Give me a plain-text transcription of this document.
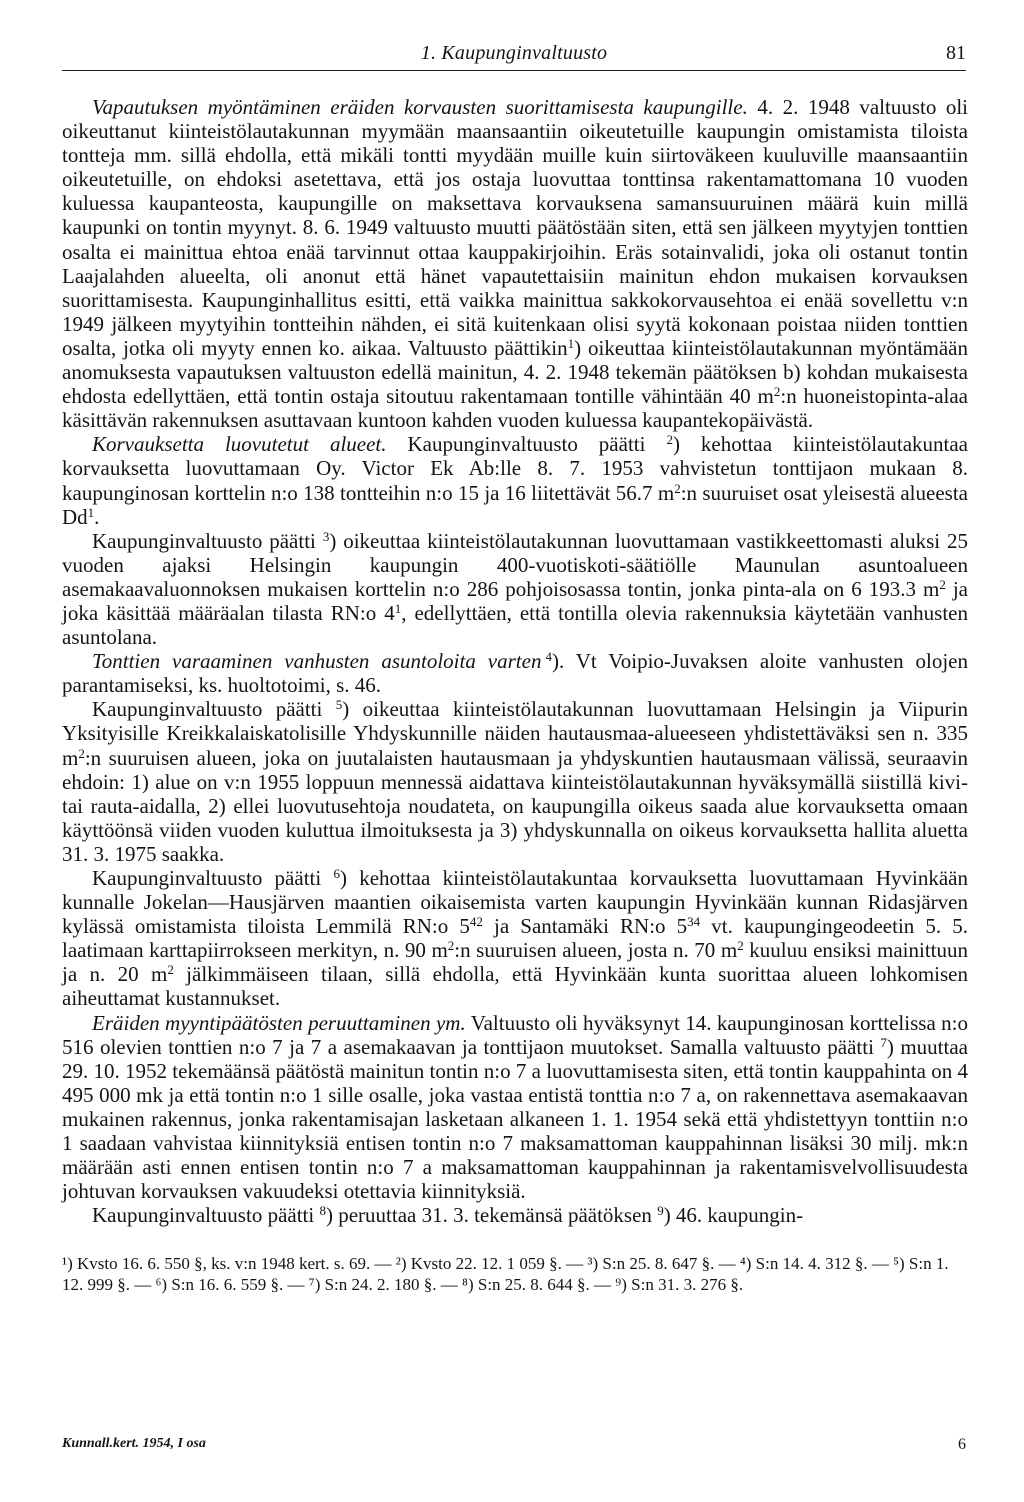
1. Kaupunginvaltuusto	81

Vapautuksen myöntäminen eräiden korvausten suorittamisesta kaupungille. 4. 2. 1948 valtuusto oli oikeuttanut kiinteistölautakunnan myymään maansaantiin oikeutetuille kaupungin omistamista tiloista tontteja mm. sillä ehdolla, että mikäli tontti myydään muille kuin siirtoväkeen kuuluville maansaantiin oikeutetuille, on ehdoksi asetettava, että jos ostaja luovuttaa tonttinsa rakentamattomana 10 vuoden kuluessa kaupanteosta, kaupungille on maksettava korvauksena samansuuruinen määrä kuin millä kaupunki on tontin myynyt. 8. 6. 1949 valtuusto muutti päätöstään siten, että sen jälkeen myytyjen tonttien osalta ei mainittua ehtoa enää tarvinnut ottaa kauppakirjoihin. Eräs sotainvalidi, joka oli ostanut tontin Laajalahden alueelta, oli anonut että hänet vapautettaisiin mainitun ehdon mukaisen korvauksen suorittamisesta. Kaupunginhallitus esitti, että vaikka mainittua sakkokorvausehtoa ei enää sovellettu v:n 1949 jälkeen myytyihin tontteihin nähden, ei sitä kuitenkaan olisi syytä kokonaan poistaa niiden tonttien osalta, jotka oli myyty ennen ko. aikaa. Valtuusto päättikin$^1$) oikeuttaa kiinteistölautakunnan myöntämään anomuksesta vapautuksen valtuuston edellä mainitun, 4. 2. 1948 tekemän päätöksen b) kohdan mukaisesta ehdosta edellyttäen, että tontin ostaja sitoutuu rakentamaan tontille vähintään 40 $m^2:n$ huoneistopinta-alaa käsittävän rakennuksen asuttavaan kuntoon kahden vuoden kuluessa kaupantekopäivästä.

Korvauksetta luovutetut alueet. Kaupunginvaltuusto päätti $^2$) kehottaa kiinteistölautakuntaa korvauksetta luovuttamaan Oy. Victor Ek Ab:lle 8. 7. 1953 vahvistetun tonttijaon mukaan 8. kaupunginosan korttelin n:o 138 tontteihin n:o 15 ja 16 liitettävät 56.7 $m^2:n$ suuruiset osat yleisestä alueesta Dd$^1$.

Kaupunginvaltuusto päätti $^3$) oikeuttaa kiinteistölautakunnan luovuttamaan vastikkeettomasti aluksi 25 vuoden ajaksi Helsingin kaupungin 400-vuotiskoti-säätiölle Maunulan asuntoalueen asemakaavaluonnoksen mukaisen korttelin n:o 286 pohjoisosassa tontin, jonka pinta-ala on 6 193.3 $m^2$ ja joka käsittää määräalan tilasta RN:o $4^1$, edellyttäen, että tontilla olevia rakennuksia käytetään vanhusten asuntolana.

Tonttien varaaminen vanhusten asuntoloita varten $^4$). Vt Voipio-Juvaksen aloite vanhusten olojen parantamiseksi, ks. huoltotoimi, s. 46.

Kaupunginvaltuusto päätti $^5$) oikeuttaa kiinteistölautakunnan luovuttamaan Helsingin ja Viipurin Yksityisille Kreikkalaiskatolisille Yhdyskunnille näiden hautausmaa-alueeseen yhdistettäväksi sen n. 335 $m^2:n$ suuruisen alueen, joka on juutalaisten hautausmaan ja yhdyskuntien hautausmaan välissä, seuraavin ehdoin: 1) alue on v:n 1955 loppuun mennessä aidattava kiinteistölautakunnan hyväksymällä siistillä kivi- tai rauta-aidalla, 2) ellei luovutusehtoja noudateta, on kaupungilla oikeus saada alue korvauksetta omaan käyttöönsä viiden vuoden kuluttua ilmoituksesta ja 3) yhdyskunnalla on oikeus korvauksetta hallita aluetta 31. 3. 1975 saakka.

Kaupunginvaltuusto päätti $^6$) kehottaa kiinteistölautakuntaa korvauksetta luovuttamaan Hyvinkään kunnalle Jokelan—Hausjärven maantien oikaisemista varten kaupungin Hyvinkään kunnan Ridasjärven kylässä omistamista tiloista Lemmilä RN:o $5^{42}$ ja Santamäki RN:o $5^{34}$ vt. kaupungingeodeetin 5. 5. laatimaan karttapiirrokseen merkityn, n. 90 $m^2:n$ suuruisen alueen, josta n. 70 $m^2$ kuuluu ensiksi mainittuun ja n. 20 $m^2$ jälkimmäiseen tilaan, sillä ehdolla, että Hyvinkään kunta suorittaa alueen lohkomisen aiheuttamat kustannukset.

Eräiden myyntipäätösten peruuttaminen ym. Valtuusto oli hyväksynyt 14. kaupunginosan korttelissa n:o 516 olevien tonttien n:o 7 ja 7 a asemakaavan ja tonttijaon muutokset. Samalla valtuusto päätti $^7$) muuttaa 29. 10. 1952 tekemäänsä päätöstä mainitun tontin n:o 7 a luovuttamisesta siten, että tontin kauppahinta on 4 495 000 mk ja että tontin n:o 1 sille osalle, joka vastaa entistä tonttia n:o 7 a, on rakennettava asemakaavan mukainen rakennus, jonka rakentamisajan lasketaan alkaneen 1. 1. 1954 sekä että yhdistettyyn tonttiin n:o 1 saadaan vahvistaa kiinnityksiä entisen tontin n:o 7 maksamattoman kauppahinnan lisäksi 30 milj. mk:n määrään asti ennen entisen tontin n:o 7 a maksamattoman kauppahinnan ja rakentamisvelvollisuudesta johtuvan korvauksen vakuudeksi otettavia kiinnityksiä.

Kaupunginvaltuusto päätti $^8$) peruuttaa 31. 3. tekemänsä päätöksen $^9$) 46. kaupungin-

¹) Kvsto 16. 6. 550 §, ks. v:n 1948 kert. s. 69. — ²) Kvsto 22. 12. 1 059 §. — ³) S:n 25. 8. 647 §. — ⁴) S:n 14. 4. 312 §. — ⁵) S:n 1. 12. 999 §. — ⁶) S:n 16. 6. 559 §. — ⁷) S:n 24. 2. 180 §. — ⁸) S:n 25. 8. 644 §. — ⁹) S:n 31. 3. 276 §.
Kunnall.kert. 1954, I osa	6
